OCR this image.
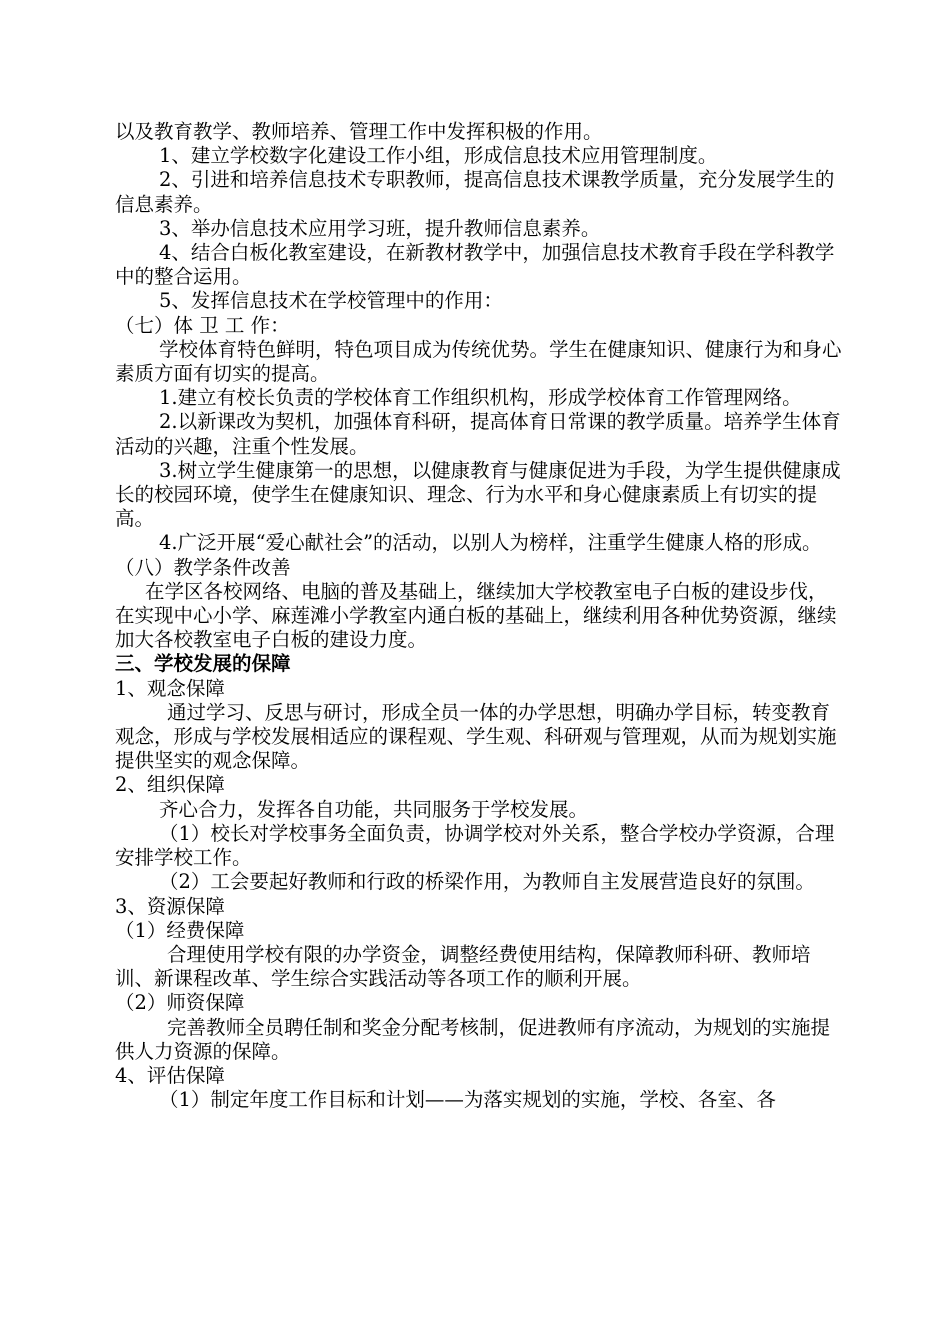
以及教育教学、教师培养、管理工作中发挥积极的作用。

1、建立学校数字化建设工作小组，形成信息技术应用管理制度。

2、引进和培养信息技术专职教师，提高信息技术课教学质量，充分发展学生的信息素养。

3、举办信息技术应用学习班，提升教师信息素养。

4、结合白板化教室建设，在新教材教学中，加强信息技术教育手段在学科教学中的整合运用。

5、发挥信息技术在学校管理中的作用：

（七）体 卫 工 作：

学校体育特色鲜明，特色项目成为传统优势。学生在健康知识、健康行为和身心素质方面有切实的提高。

1.建立有校长负责的学校体育工作组织机构，形成学校体育工作管理网络。

2.以新课改为契机，加强体育科研，提高体育日常课的教学质量。培养学生体育活动的兴趣，注重个性发展。

3.树立学生健康第一的思想，以健康教育与健康促进为手段，为学生提供健康成长的校园环境，使学生在健康知识、理念、行为水平和身心健康素质上有切实的提高。

4.广泛开展“爱心献社会”的活动，以别人为榜样，注重学生健康人格的形成。

（八）教学条件改善

在学区各校网络、电脑的普及基础上，继续加大学校教室电子白板的建设步伐，在实现中心小学、麻莲滩小学教室内通白板的基础上，继续利用各种优势资源，继续加大各校教室电子白板的建设力度。

三、学校发展的保障

1、观念保障

通过学习、反思与研讨，形成全员一体的办学思想，明确办学目标，转变教育观念，形成与学校发展相适应的课程观、学生观、科研观与管理观，从而为规划实施提供坚实的观念保障。

2、组织保障

齐心合力，发挥各自功能，共同服务于学校发展。

（1）校长对学校事务全面负责，协调学校对外关系，整合学校办学资源，合理安排学校工作。

（2）工会要起好教师和行政的桥梁作用，为教师自主发展营造良好的氛围。

3、资源保障

（1）经费保障

合理使用学校有限的办学资金，调整经费使用结构，保障教师科研、教师培训、新课程改革、学生综合实践活动等各项工作的顺利开展。

（2）师资保障

完善教师全员聘任制和奖金分配考核制，促进教师有序流动，为规划的实施提供人力资源的保障。

4、评估保障

（1）制定年度工作目标和计划——为落实规划的实施，学校、各室、各
